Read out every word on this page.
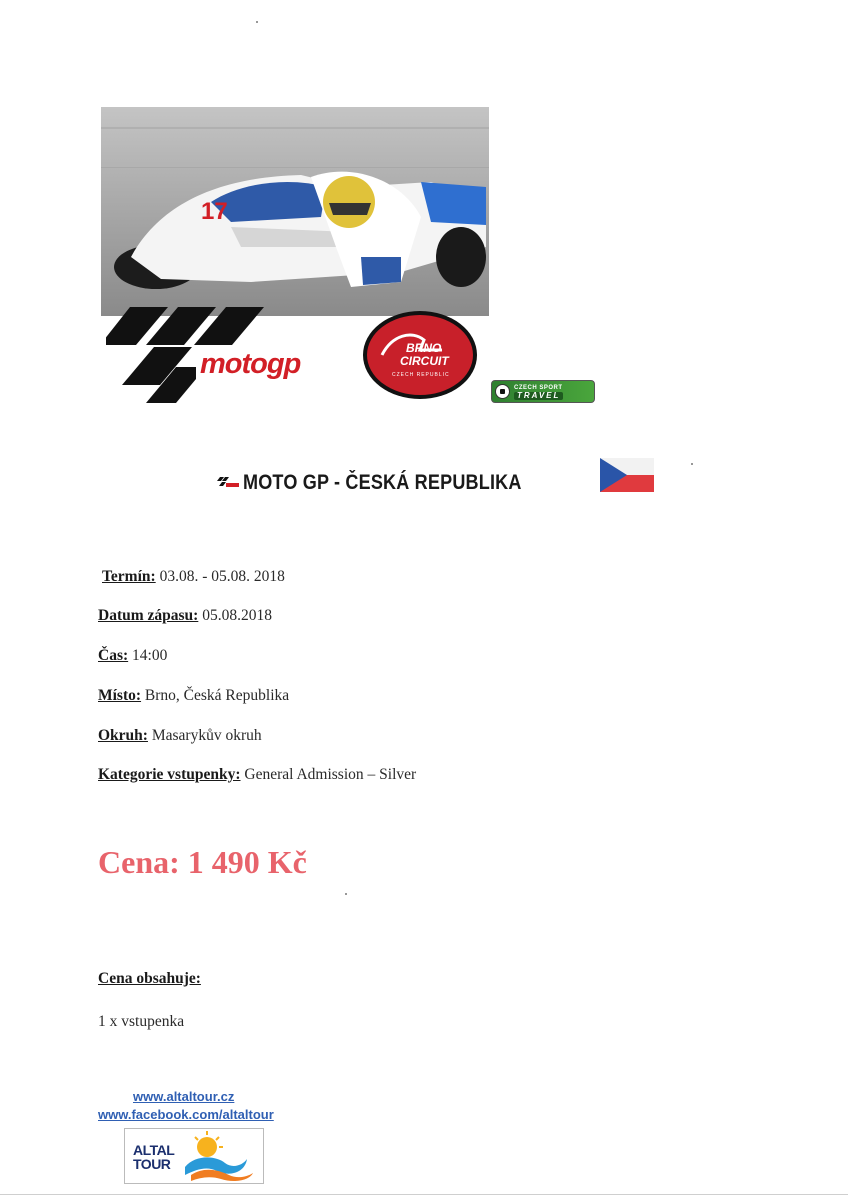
17
motogp	BRNO
CIRCUIT
CZECH REPUBLIC
CZECH SPORT
TRAVEL
MOTO GP - ČESKÁ REPUBLIKA
Termín: 03.08. - 05.08. 2018
Datum zápasu: 05.08.2018
Čas: 14:00
Místo: Brno, Česká Republika
Okruh: Masarykův okruh
Kategorie vstupenky: General Admission – Silver
Cena: 1 490 Kč
Cena obsahuje:
1 x vstupenka
www.altaltour.cz
www.facebook.com/altaltour
ALTAL
TOUR
